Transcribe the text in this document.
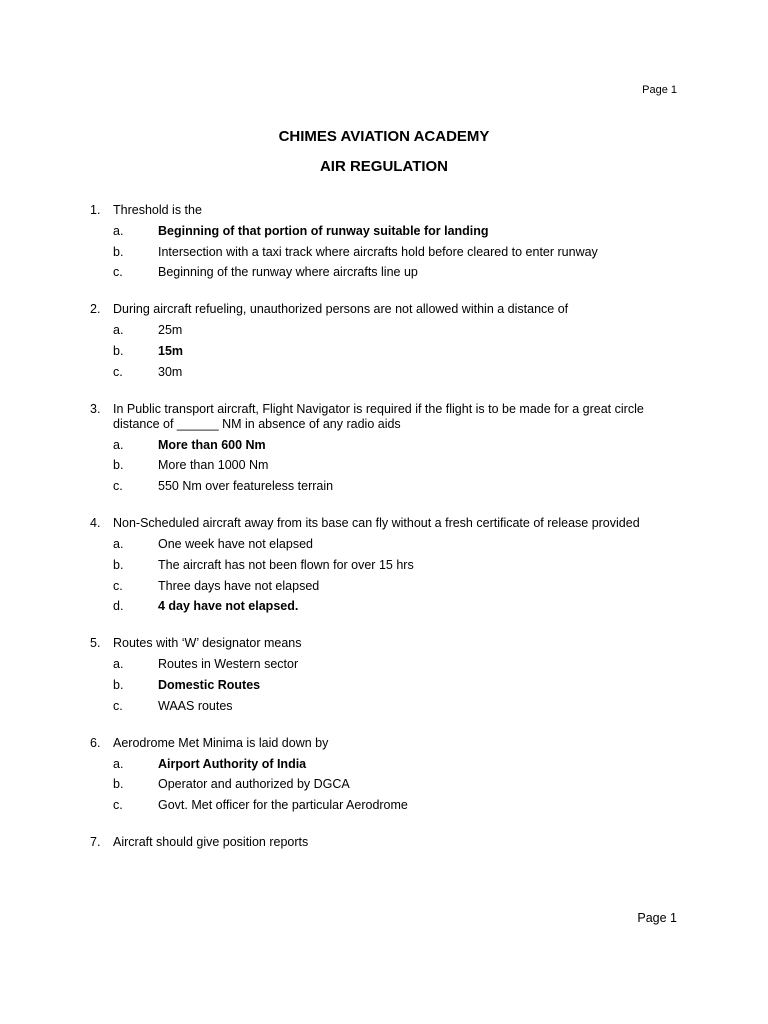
Page 1
CHIMES AVIATION ACADEMY
AIR REGULATION
1.	Threshold is the
a.	Beginning of that portion of runway suitable for landing
b.	Intersection with a taxi track where aircrafts hold before cleared to enter runway
c.	Beginning of the runway where aircrafts line up
2.	During aircraft refueling, unauthorized persons are not allowed within a distance of
a.	25m
b.	15m
c.	30m
3.	In Public transport aircraft, Flight Navigator is required if the flight is to be made for a great circle distance of ______ NM in absence of any radio aids
a.	More than 600 Nm
b.	More than 1000 Nm
c.	550 Nm over featureless terrain
4.	Non-Scheduled aircraft away from its base can fly without a fresh certificate of release provided
a.	One week have not elapsed
b.	The aircraft has not been flown for over 15 hrs
c.	Three days have not elapsed
d.	4 day have not elapsed.
5.	Routes with ‘W’ designator means
a.	Routes in Western sector
b.	Domestic Routes
c.	WAAS routes
6.	Aerodrome Met Minima is laid down by
a.	Airport Authority of India
b.	Operator and authorized by DGCA
c.	Govt. Met officer for the particular Aerodrome
7.	Aircraft should give position reports
Page 1
